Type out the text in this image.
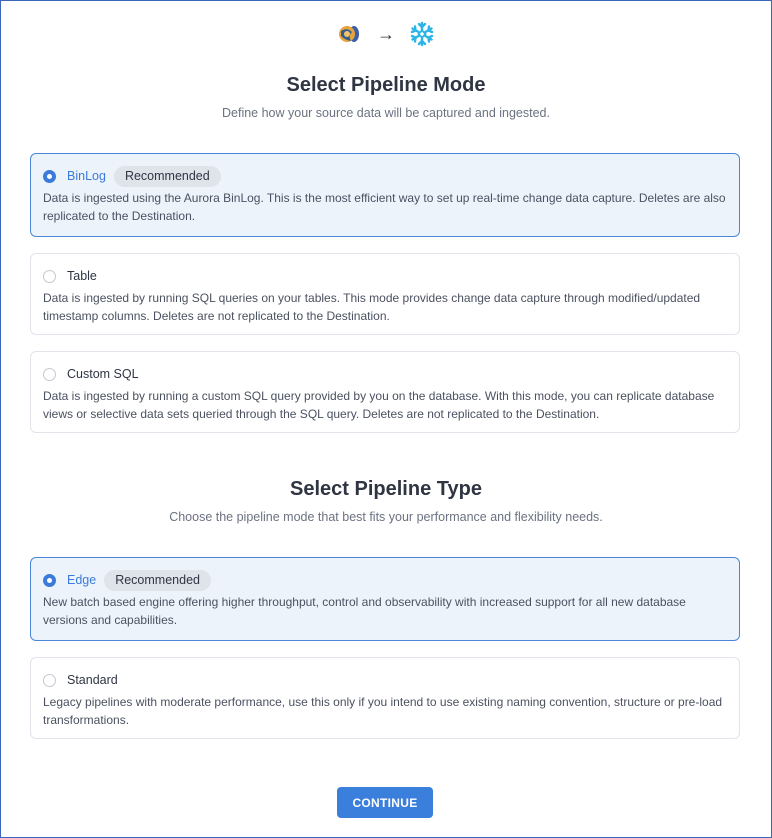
→
Select Pipeline Mode
Define how your source data will be captured and ingested.
BinLog	Recommended
Data is ingested using the Aurora BinLog. This is the most efficient way to set up real-time change data capture. Deletes are also replicated to the Destination.
Table
Data is ingested by running SQL queries on your tables. This mode provides change data capture through modified/updated timestamp columns. Deletes are not replicated to the Destination.
Custom SQL
Data is ingested by running a custom SQL query provided by you on the database. With this mode, you can replicate database views or selective data sets queried through the SQL query. Deletes are not replicated to the Destination.
Select Pipeline Type
Choose the pipeline mode that best fits your performance and flexibility needs.
Edge	Recommended
New batch based engine offering higher throughput, control and observability with increased support for all new database versions and capabilities.
Standard
Legacy pipelines with moderate performance, use this only if you intend to use existing naming convention, structure or pre-load transformations.
CONTINUE
